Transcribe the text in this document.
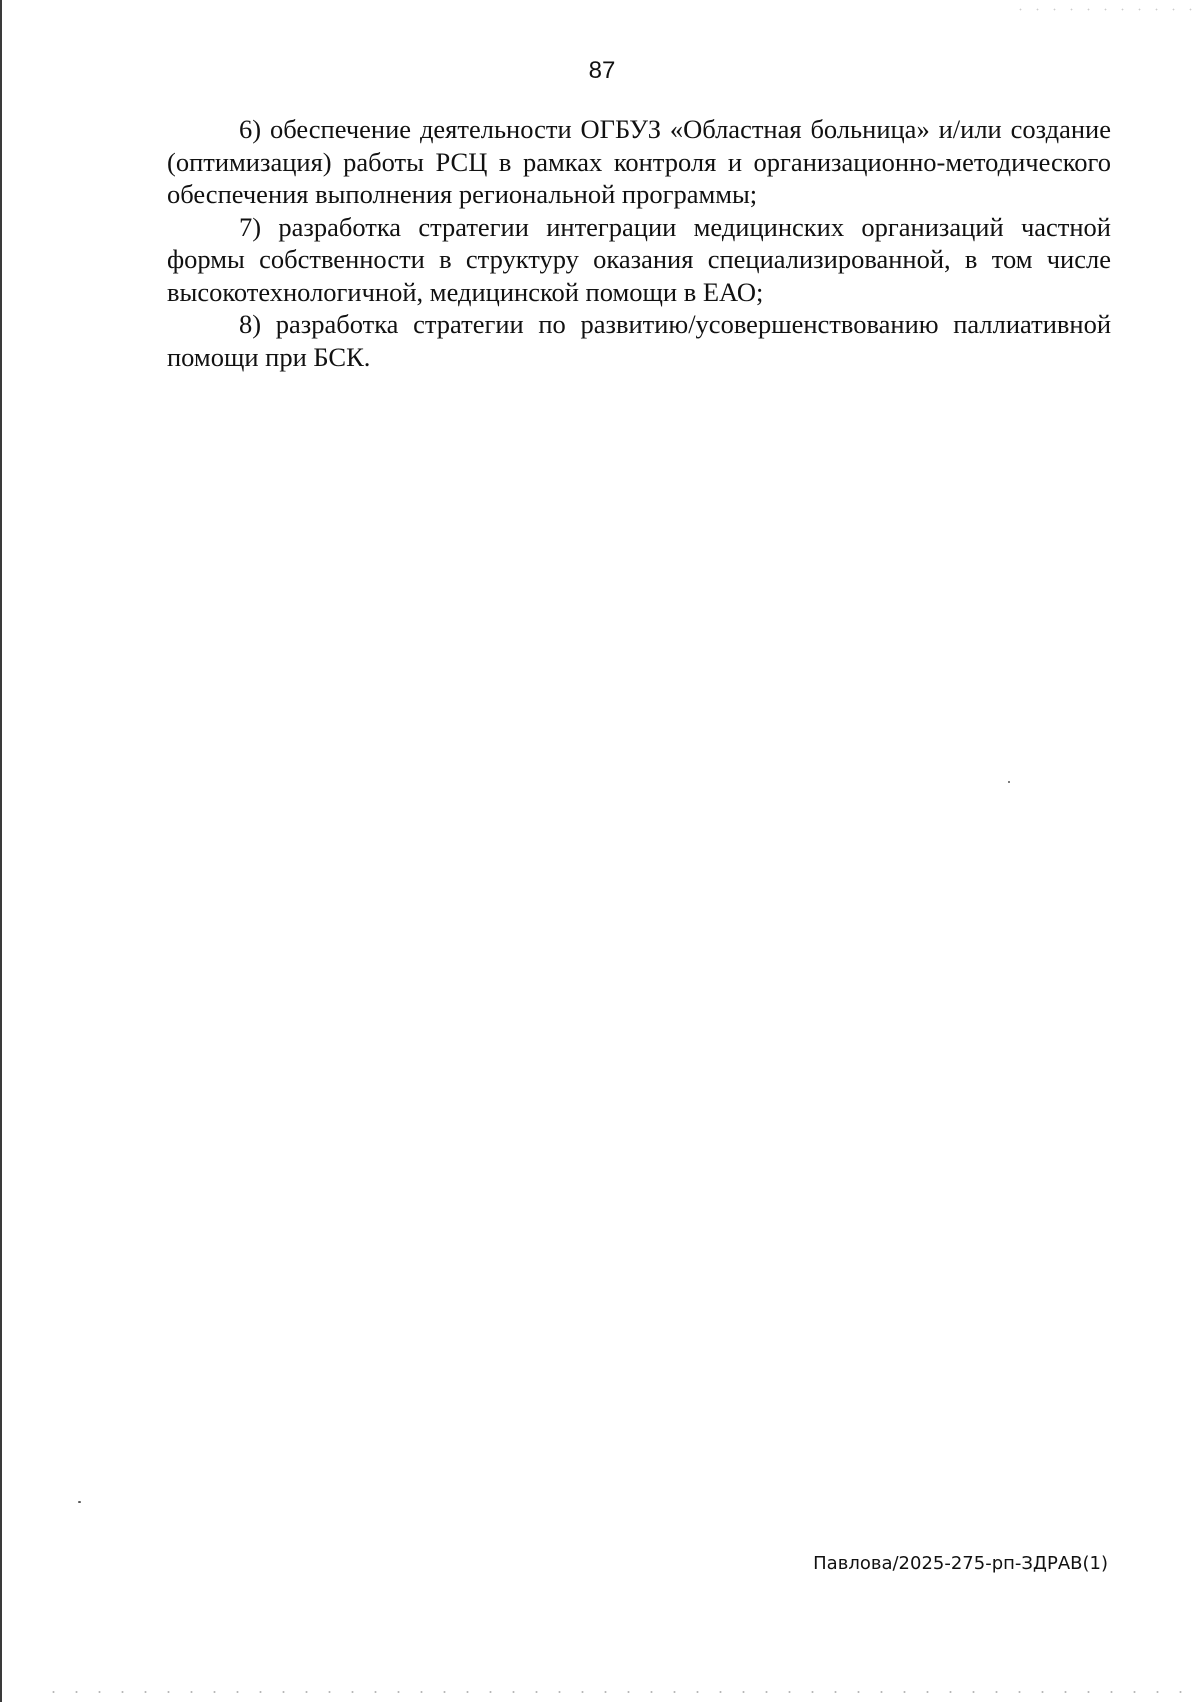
87

6) обеспечение деятельности ОГБУЗ «Областная больница» и/или создание (оптимизация) работы РСЦ в рамках контроля и организационно-методического обеспечения выполнения региональной программы;

7) разработка стратегии интеграции медицинских организаций частной формы собственности в структуру оказания специализированной, в том числе высокотехнологичной, медицинской помощи в ЕАО;

8) разработка стратегии по развитию/усовершенствованию паллиативной помощи при БСК.

Павлова/2025-275-рп-ЗДРАВ(1)
